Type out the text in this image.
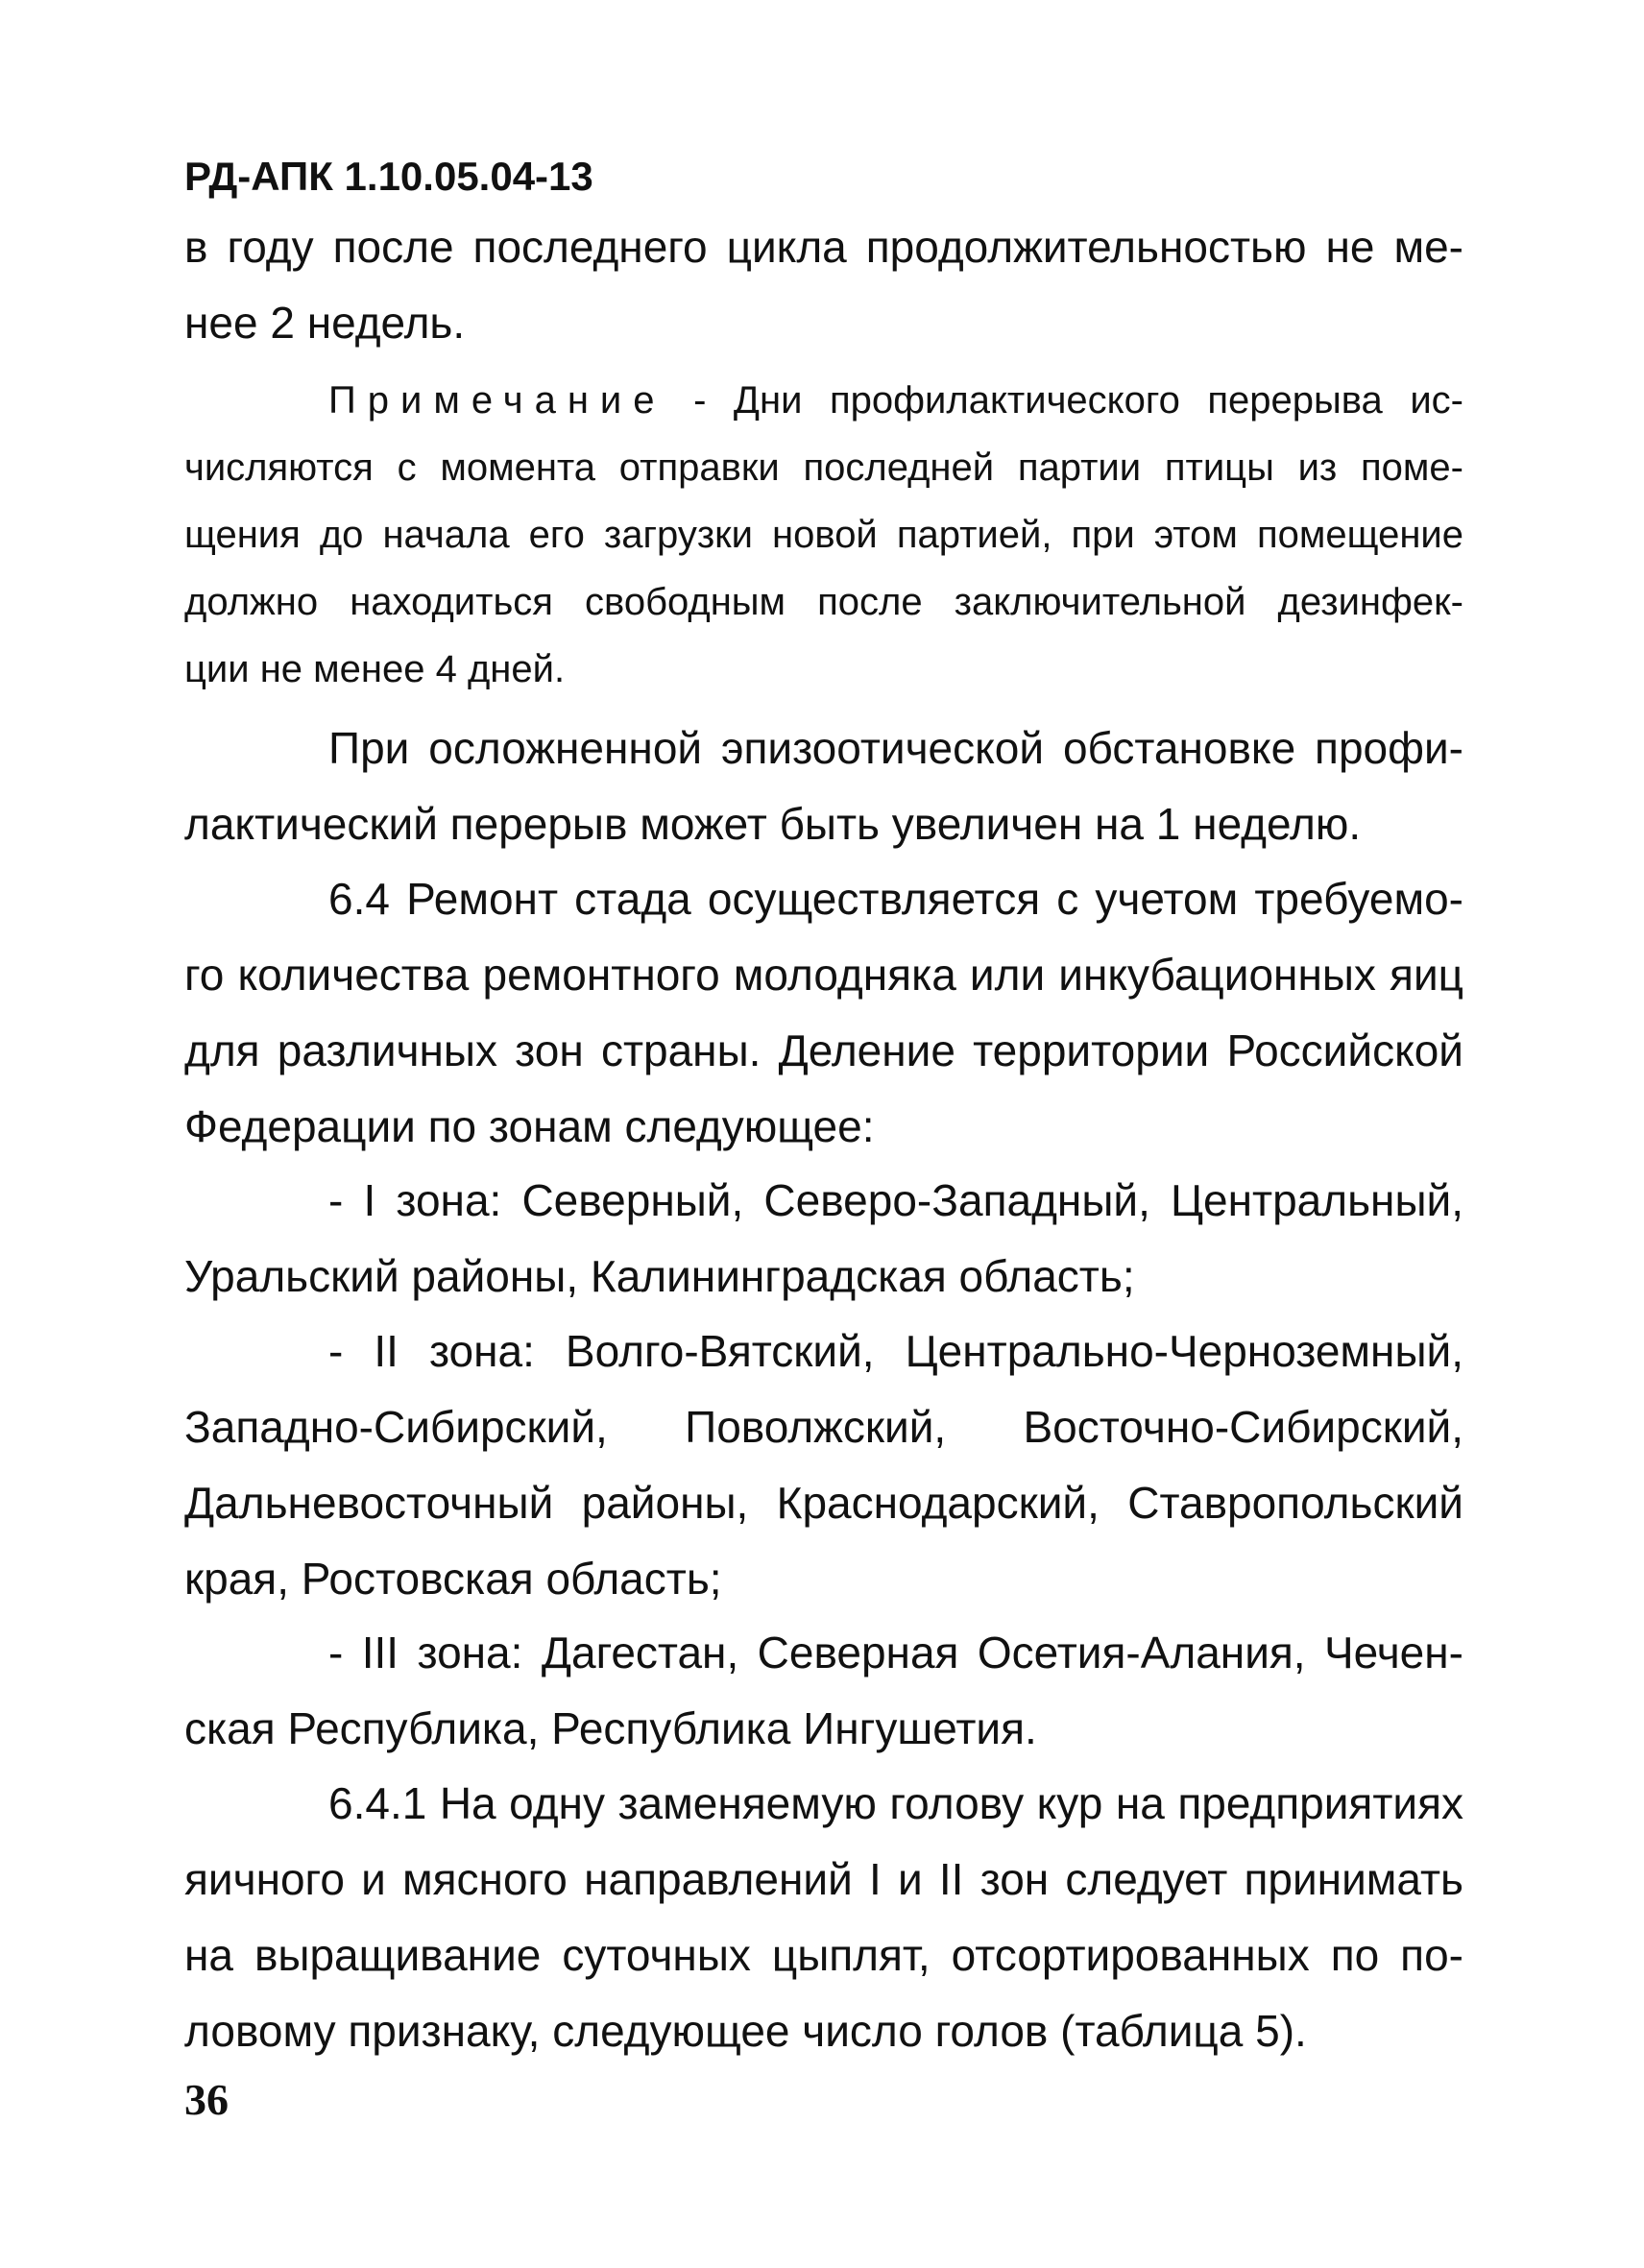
РД-АПК 1.10.05.04-13
в году после последнего цикла продолжительностью не ме-
нее 2 недель.
Примечание - Дни профилактического перерыва ис-
числяются с момента отправки последней партии птицы из поме-
щения до начала его загрузки новой партией, при этом помещение
должно находиться свободным после заключительной дезинфек-
ции не менее 4 дней.
При осложненной эпизоотической обстановке профи-
лактический перерыв может быть увеличен на 1 неделю.
6.4 Ремонт стада осуществляется с учетом требуемо-
го количества ремонтного молодняка или инкубационных яиц
для различных зон страны. Деление территории Российской
Федерации по зонам следующее:
- I зона: Северный, Северо-Западный, Центральный,
Уральский районы, Калининградская область;
- II зона: Волго-Вятский, Центрально-Черноземный,
Западно-Сибирский, Поволжский, Восточно-Сибирский,
Дальневосточный районы, Краснодарский, Ставропольский
края, Ростовская область;
- III зона: Дагестан, Северная Осетия-Алания, Чечен-
ская Республика, Республика Ингушетия.
6.4.1 На одну заменяемую голову кур на предприятиях
яичного и мясного направлений I и II зон следует принимать
на выращивание суточных цыплят, отсортированных по по-
ловому признаку, следующее число голов (таблица 5).
36
